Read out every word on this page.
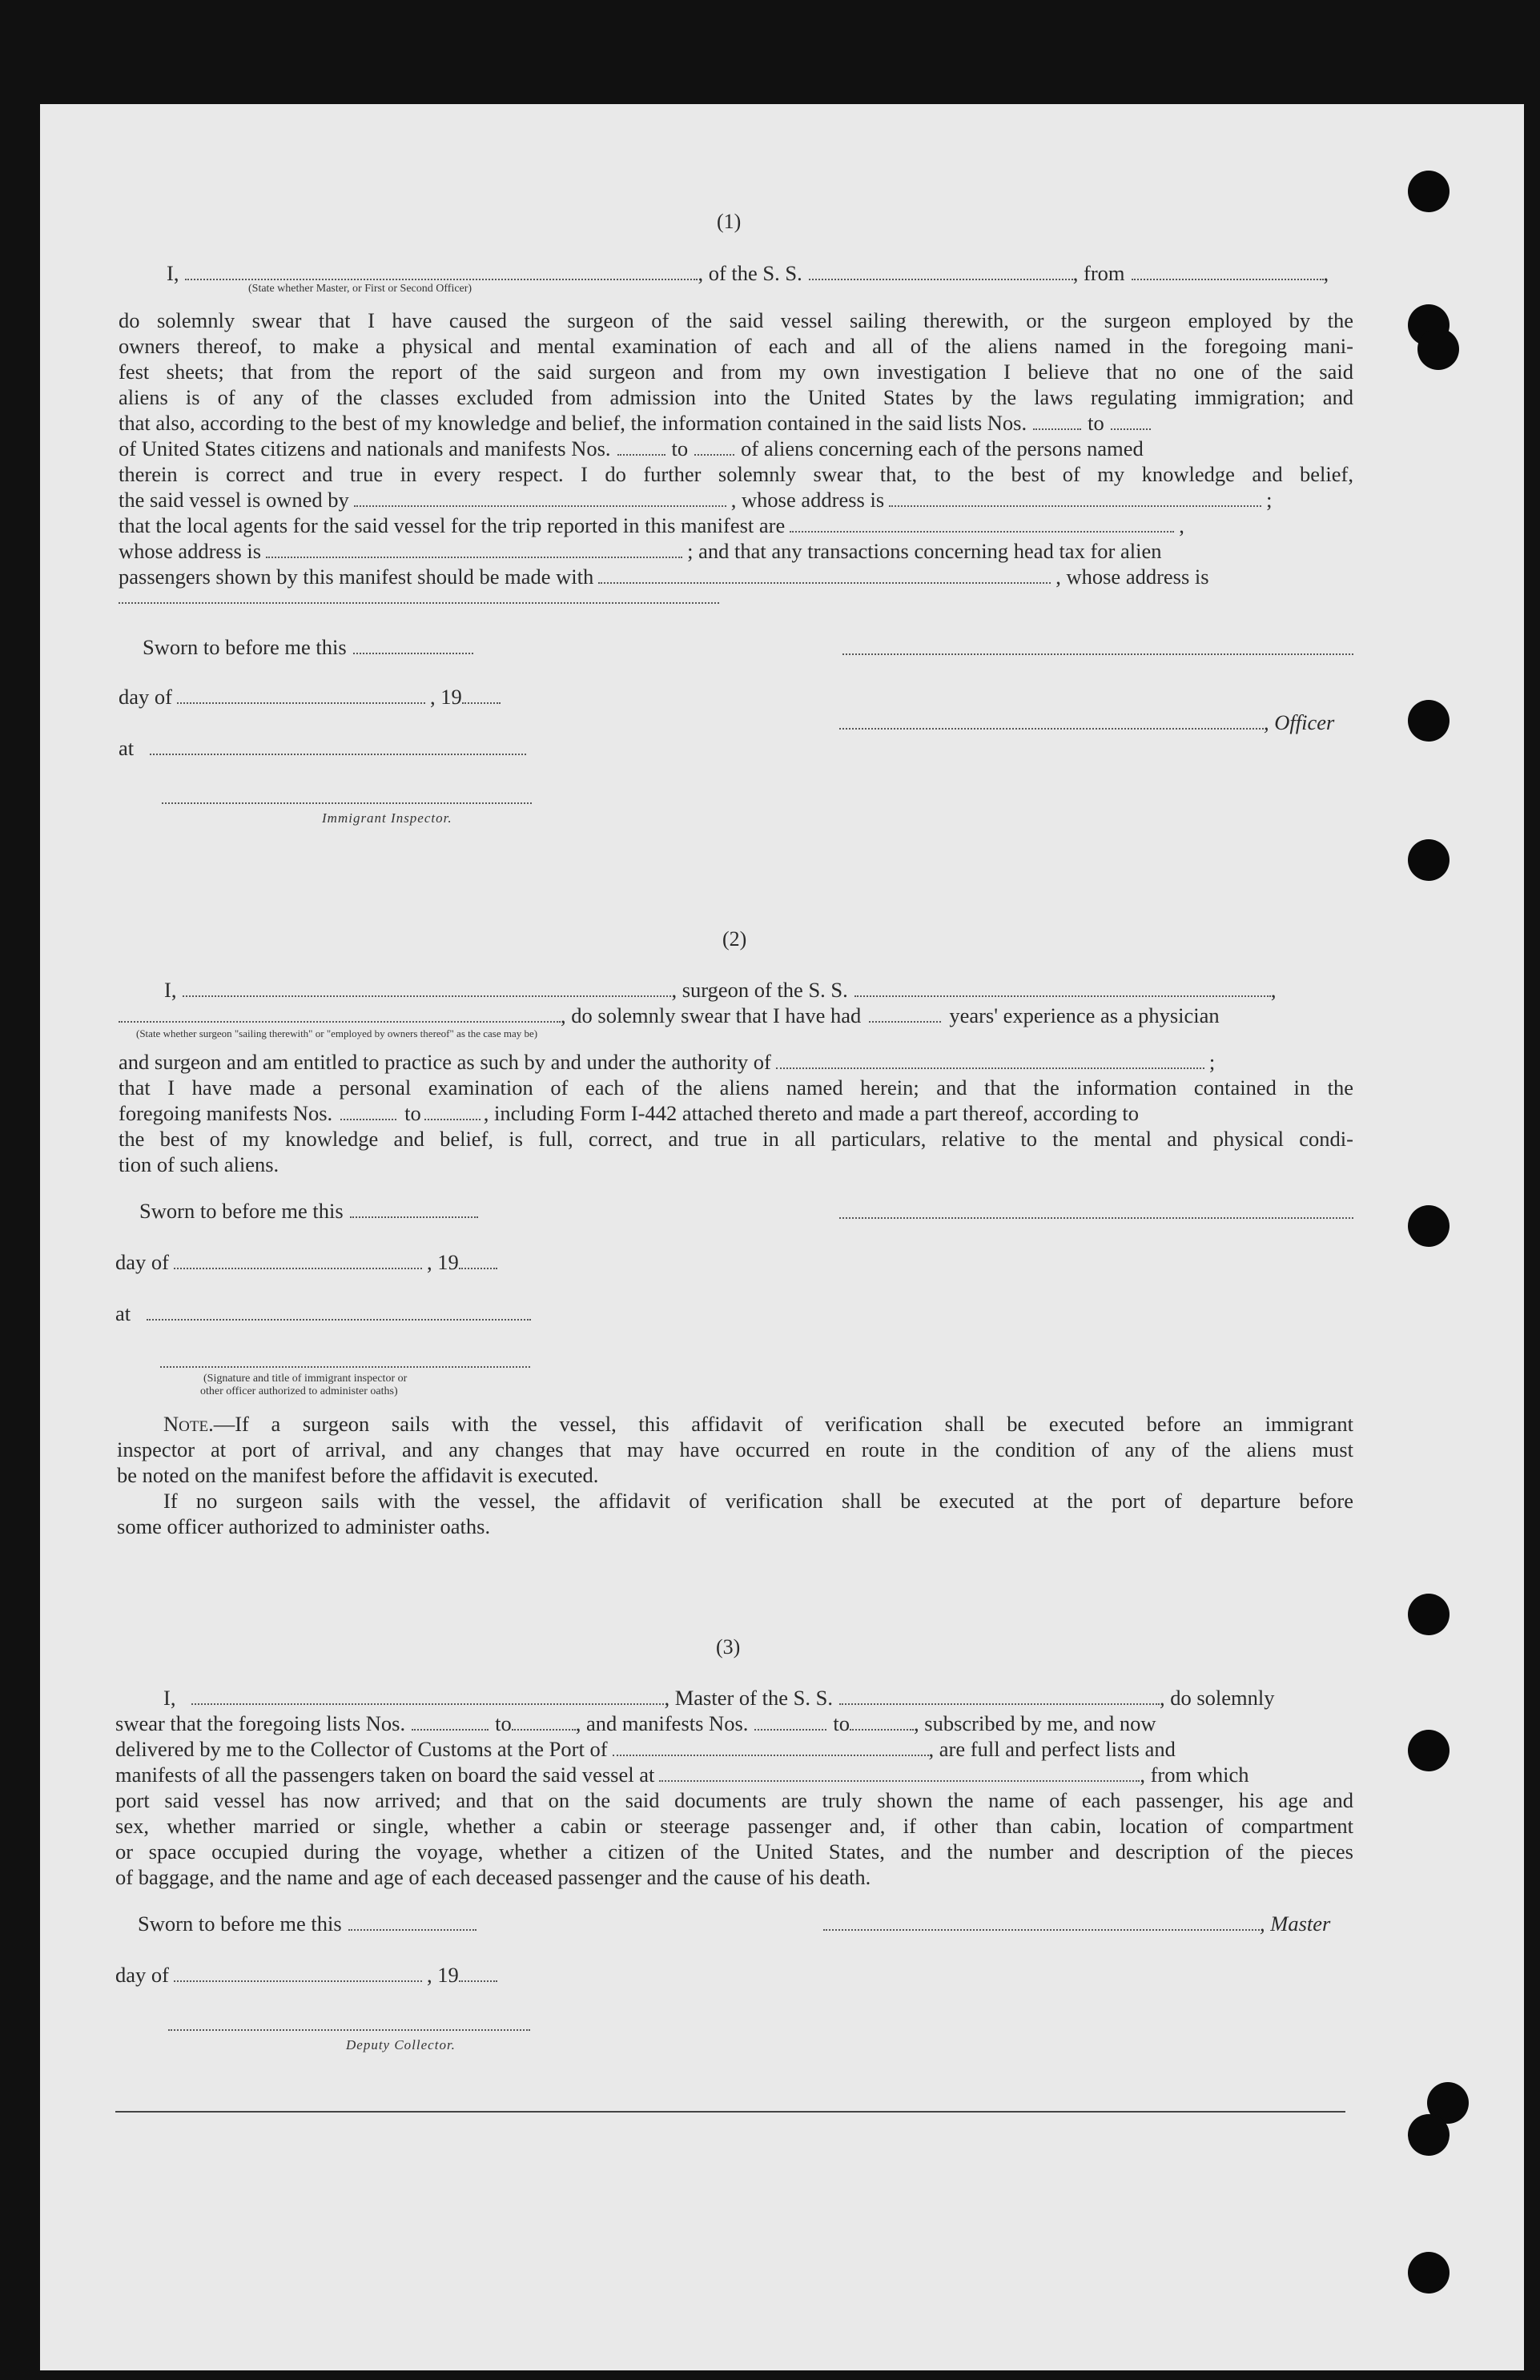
(1)
I,	, of the S. S.	, from	,
(State whether Master, or First or Second Officer)
do solemnly swear that I have caused the surgeon of the said vessel sailing therewith, or the surgeon employed by the
owners thereof, to make a physical and mental examination of each and all of the aliens named in the foregoing mani-
fest sheets; that from the report of the said surgeon and from my own investigation I believe that no one of the said
aliens is of any of the classes excluded from admission into the United States by the laws regulating immigration; and
that also, according to the best of my knowledge and belief, the information contained in the said lists Nos.	to
of United States citizens and nationals and manifests Nos.	to of aliens concerning each of the persons named
therein is correct and true in every respect. I do further solemnly swear that, to the best of my knowledge and belief,
the said vessel is owned by	, whose address is	;
that the local agents for the said vessel for the trip reported in this manifest are	,
whose address is	; and that any transactions concerning head tax for alien
passengers shown by this manifest should be made with	, whose address is
Sworn to before me this
day of	, 19
, Officer
at
Immigrant Inspector.
(2)
I,	, surgeon of the S. S.	,
, do solemnly swear that I have had	years' experience as a physician
(State whether surgeon "sailing therewith" or "employed by owners thereof" as the case may be)
and surgeon and am entitled to practice as such by and under the authority of	;
that I have made a personal examination of each of the aliens named herein; and that the information contained in the
foregoing manifests Nos.	to	, including Form I-442 attached thereto and made a part thereof, according to
the best of my knowledge and belief, is full, correct, and true in all particulars, relative to the mental and physical condi-
tion of such aliens.
Sworn to before me this
day of	, 19
at
(Signature and title of immigrant inspector or
other officer authorized to administer oaths)
Note.—If a surgeon sails with the vessel, this affidavit of verification shall be executed before an immigrant
inspector at port of arrival, and any changes that may have occurred en route in the condition of any of the aliens must
be noted on the manifest before the affidavit is executed.
If no surgeon sails with the vessel, the affidavit of verification shall be executed at the port of departure before
some officer authorized to administer oaths.
(3)
I,	, Master of the S. S.	, do solemnly
swear that the foregoing lists Nos.	to	, and manifests Nos.	to	, subscribed by me, and now
delivered by me to the Collector of Customs at the Port of	, are full and perfect lists and
manifests of all the passengers taken on board the said vessel at	, from which
port said vessel has now arrived; and that on the said documents are truly shown the name of each passenger, his age and
sex, whether married or single, whether a cabin or steerage passenger and, if other than cabin, location of compartment
or space occupied during the voyage, whether a citizen of the United States, and the number and description of the pieces
of baggage, and the name and age of each deceased passenger and the cause of his death.
Sworn to before me this	, Master
day of	, 19
Deputy Collector.
